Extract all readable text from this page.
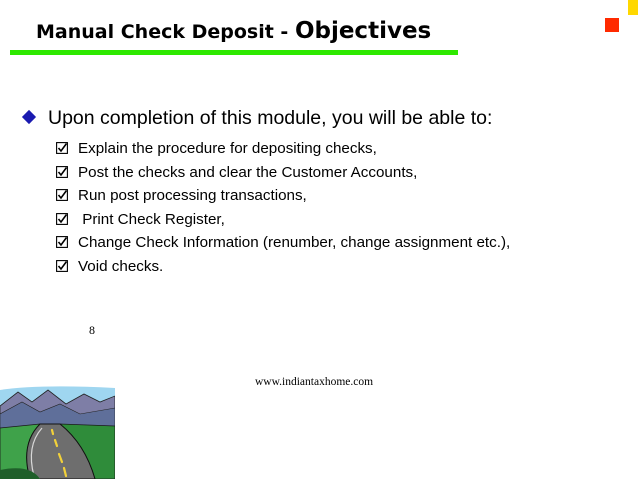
Manual Check Deposit - Objectives
Upon completion of this module, you will be able to:
Explain the procedure for depositing checks,
Post the checks and clear the Customer Accounts,
Run post processing transactions,
Print Check Register,
Change Check Information (renumber, change assignment etc.),
Void checks.
8
www.indiantaxhome.com
